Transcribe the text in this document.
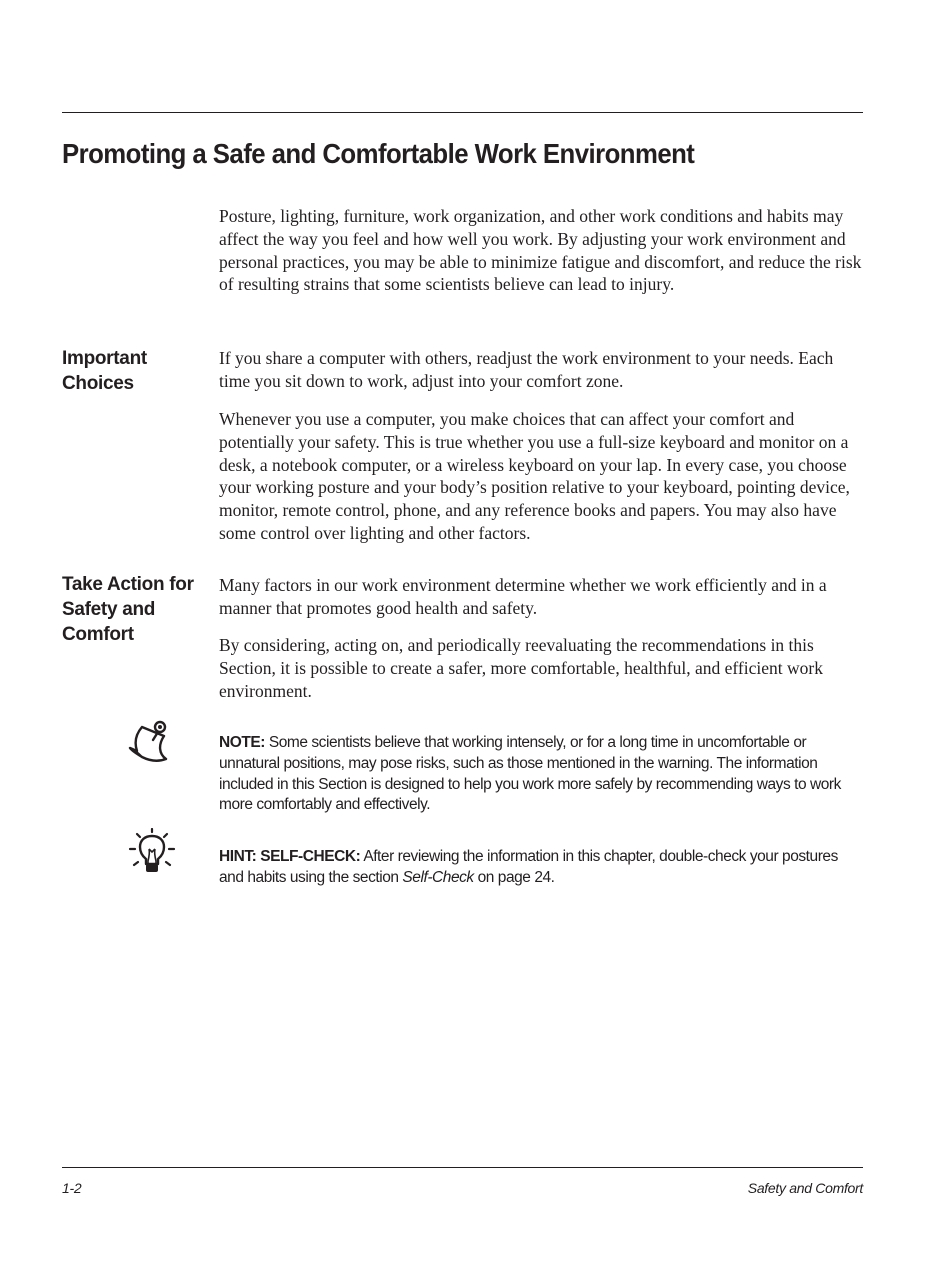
Promoting a Safe and Comfortable Work Environment

Posture, lighting, furniture, work organization, and other work conditions and habits may affect the way you feel and how well you work. By adjusting your work environment and personal practices, you may be able to minimize fatigue and discomfort, and reduce the risk of resulting strains that some scientists believe can lead to injury.

Important
Choices

If you share a computer with others, readjust the work environment to your needs. Each time you sit down to work, adjust into your comfort zone.

Whenever you use a computer, you make choices that can affect your comfort and potentially your safety. This is true whether you use a full-size keyboard and monitor on a desk, a notebook computer, or a wireless keyboard on your lap. In every case, you choose your working posture and your body’s position relative to your keyboard, pointing device, monitor, remote control, phone, and any reference books and papers. You may also have some control over lighting and other factors.

Take Action for
Safety and
Comfort

Many factors in our work environment determine whether we work efficiently and in a manner that promotes good health and safety.

By considering, acting on, and periodically reevaluating the recommendations in this Section, it is possible to create a safer, more comfortable, healthful, and efficient work environment.

NOTE: Some scientists believe that working intensely, or for a long time in uncomfortable or unnatural positions, may pose risks, such as those mentioned in the warning. The information included in this Section is designed to help you work more safely by recommending ways to work more comfortably and effectively.

HINT: SELF-CHECK: After reviewing the information in this chapter, double-check your postures and habits using the section Self-Check on page 24.

1-2	Safety and Comfort
